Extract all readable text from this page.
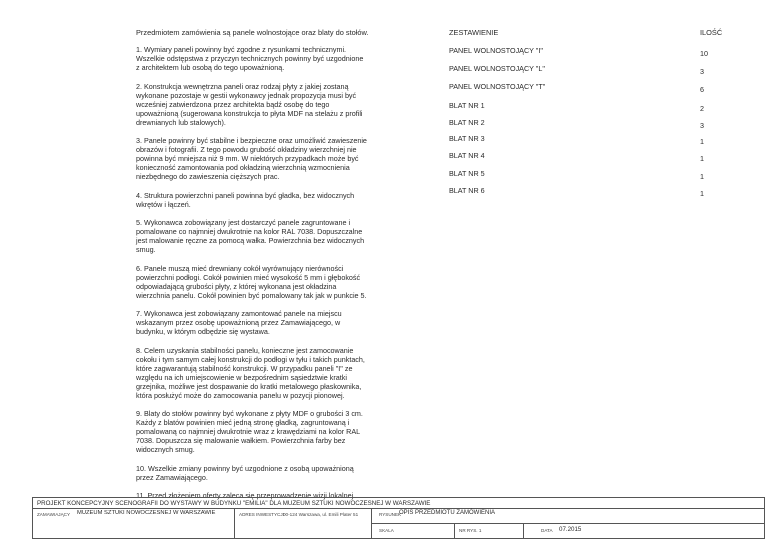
Przedmiotem zamówienia są panele wolnostojące oraz blaty do stołów.
1. Wymiary paneli powinny być zgodne z rysunkami technicznymi.
Wszelkie odstępstwa z przyczyn technicznych powinny być uzgodnione
z architektem lub osobą do tego upoważnioną.
2. Konstrukcja wewnętrzna paneli oraz rodzaj płyty z jakiej zostaną
wykonane pozostaje w gestii wykonawcy jednak propozycja musi być
wcześniej zatwierdzona przez architekta bądź osobę do tego
upoważnioną (sugerowana konstrukcja to płyta MDF na stelażu z profili
drewnianych lub stalowych).
3. Panele powinny być stabilne i bezpieczne oraz umożliwić zawieszenie
obrazów i fotografii. Z tego powodu grubość okładziny wierzchniej nie
powinna być mniejsza niż 9 mm. W niektórych przypadkach może być
konieczność zamontowania pod okładziną wierzchnią wzmocnienia
niezbędnego do zawieszenia cięższych prac.
4. Struktura powierzchni paneli powinna być gładka, bez widocznych
wkrętów i łączeń.
5. Wykonawca zobowiązany jest dostarczyć panele zagruntowane i
pomalowane co najmniej dwukrotnie na kolor RAL 7038. Dopuszczalne
jest malowanie ręczne za pomocą wałka. Powierzchnia bez widocznych
smug.
6. Panele muszą mieć drewniany cokół wyrównujący nierówności
powierzchni podłogi. Cokół powinien mieć wysokość 5 mm i głębokość
odpowiadającą grubości płyty, z której wykonana jest okładzina
wierzchnia panelu. Cokół powinien być pomalowany tak jak w punkcie 5.
7. Wykonawca jest zobowiązany zamontować panele na miejscu
wskazanym przez osobę upoważnioną przez Zamawiającego, w
budynku, w którym odbędzie się wystawa.
8. Celem uzyskania stabilności panelu, konieczne jest zamocowanie
cokołu i tym samym całej konstrukcji do podłogi w tyłu i takich punktach,
które zagwarantują stabilność konstrukcji. W przypadku paneli "I" ze
względu na ich umiejscowienie w bezpośrednim sąsiedztwie kratki
grzejnika, możliwe jest dospawanie do kratki metalowego płaskownika,
która posłużyć może do zamocowania panelu w pozycji pionowej.
9. Blaty do stołów powinny być wykonane z płyty MDF o grubości 3 cm.
Każdy z blatów powinien mieć jedną stronę gładką, zagruntowaną i
pomalowaną co najmniej dwukrotnie wraz z krawędziami na kolor RAL
7038. Dopuszcza się malowanie wałkiem. Powierzchnia farby bez
widocznych smug.
10. Wszelkie zmiany powinny być uzgodnione z osobą upoważnioną
przez Zamawiającego.
11. Przed złożeniem oferty zaleca się przeprowadzenie wizji lokalnej.
ZESTAWIENIE	ILOŚĆ
PANEL WOLNOSTOJĄCY "I"	10
PANEL WOLNOSTOJĄCY "L"	3
PANEL WOLNOSTOJĄCY "T"	6
BLAT NR 1	2
BLAT NR 2	3
BLAT NR 3	1
BLAT NR 4	1
BLAT NR 5	1
BLAT NR 6	1
PROJEKT KONCEPCYJNY SCENOGRAFII DO WYSTAWY W BUDYNKU "EMILIA" DLA MUZEUM SZTUKI NOWOCZESNEJ W WARSZAWIE
ZAMAWIAJĄCY MUZEUM SZTUKI NOWOCZESNEJ W WARSZAWIE	ADRES INWESTYCJI 00-124 Warszawa, ul. Emili Plater 51	RYSUNEK
OPIS PRZEDMIOTU ZAMÓWIENIA
SKALA	NR RYS. 1	DATA 07.2015
